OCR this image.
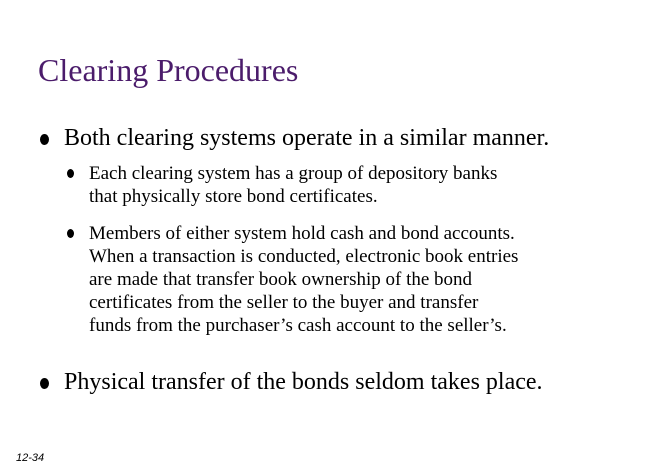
Clearing Procedures
Both clearing systems operate in a similar manner.
Each clearing system has a group of depository banks
that physically store bond certificates.
Members of either system hold cash and bond accounts.
When a transaction is conducted, electronic book entries
are made that transfer book ownership of the bond
certificates from the seller to the buyer and transfer
funds from the purchaser’s cash account to the seller’s.
Physical transfer of the bonds seldom takes place.
12-34
